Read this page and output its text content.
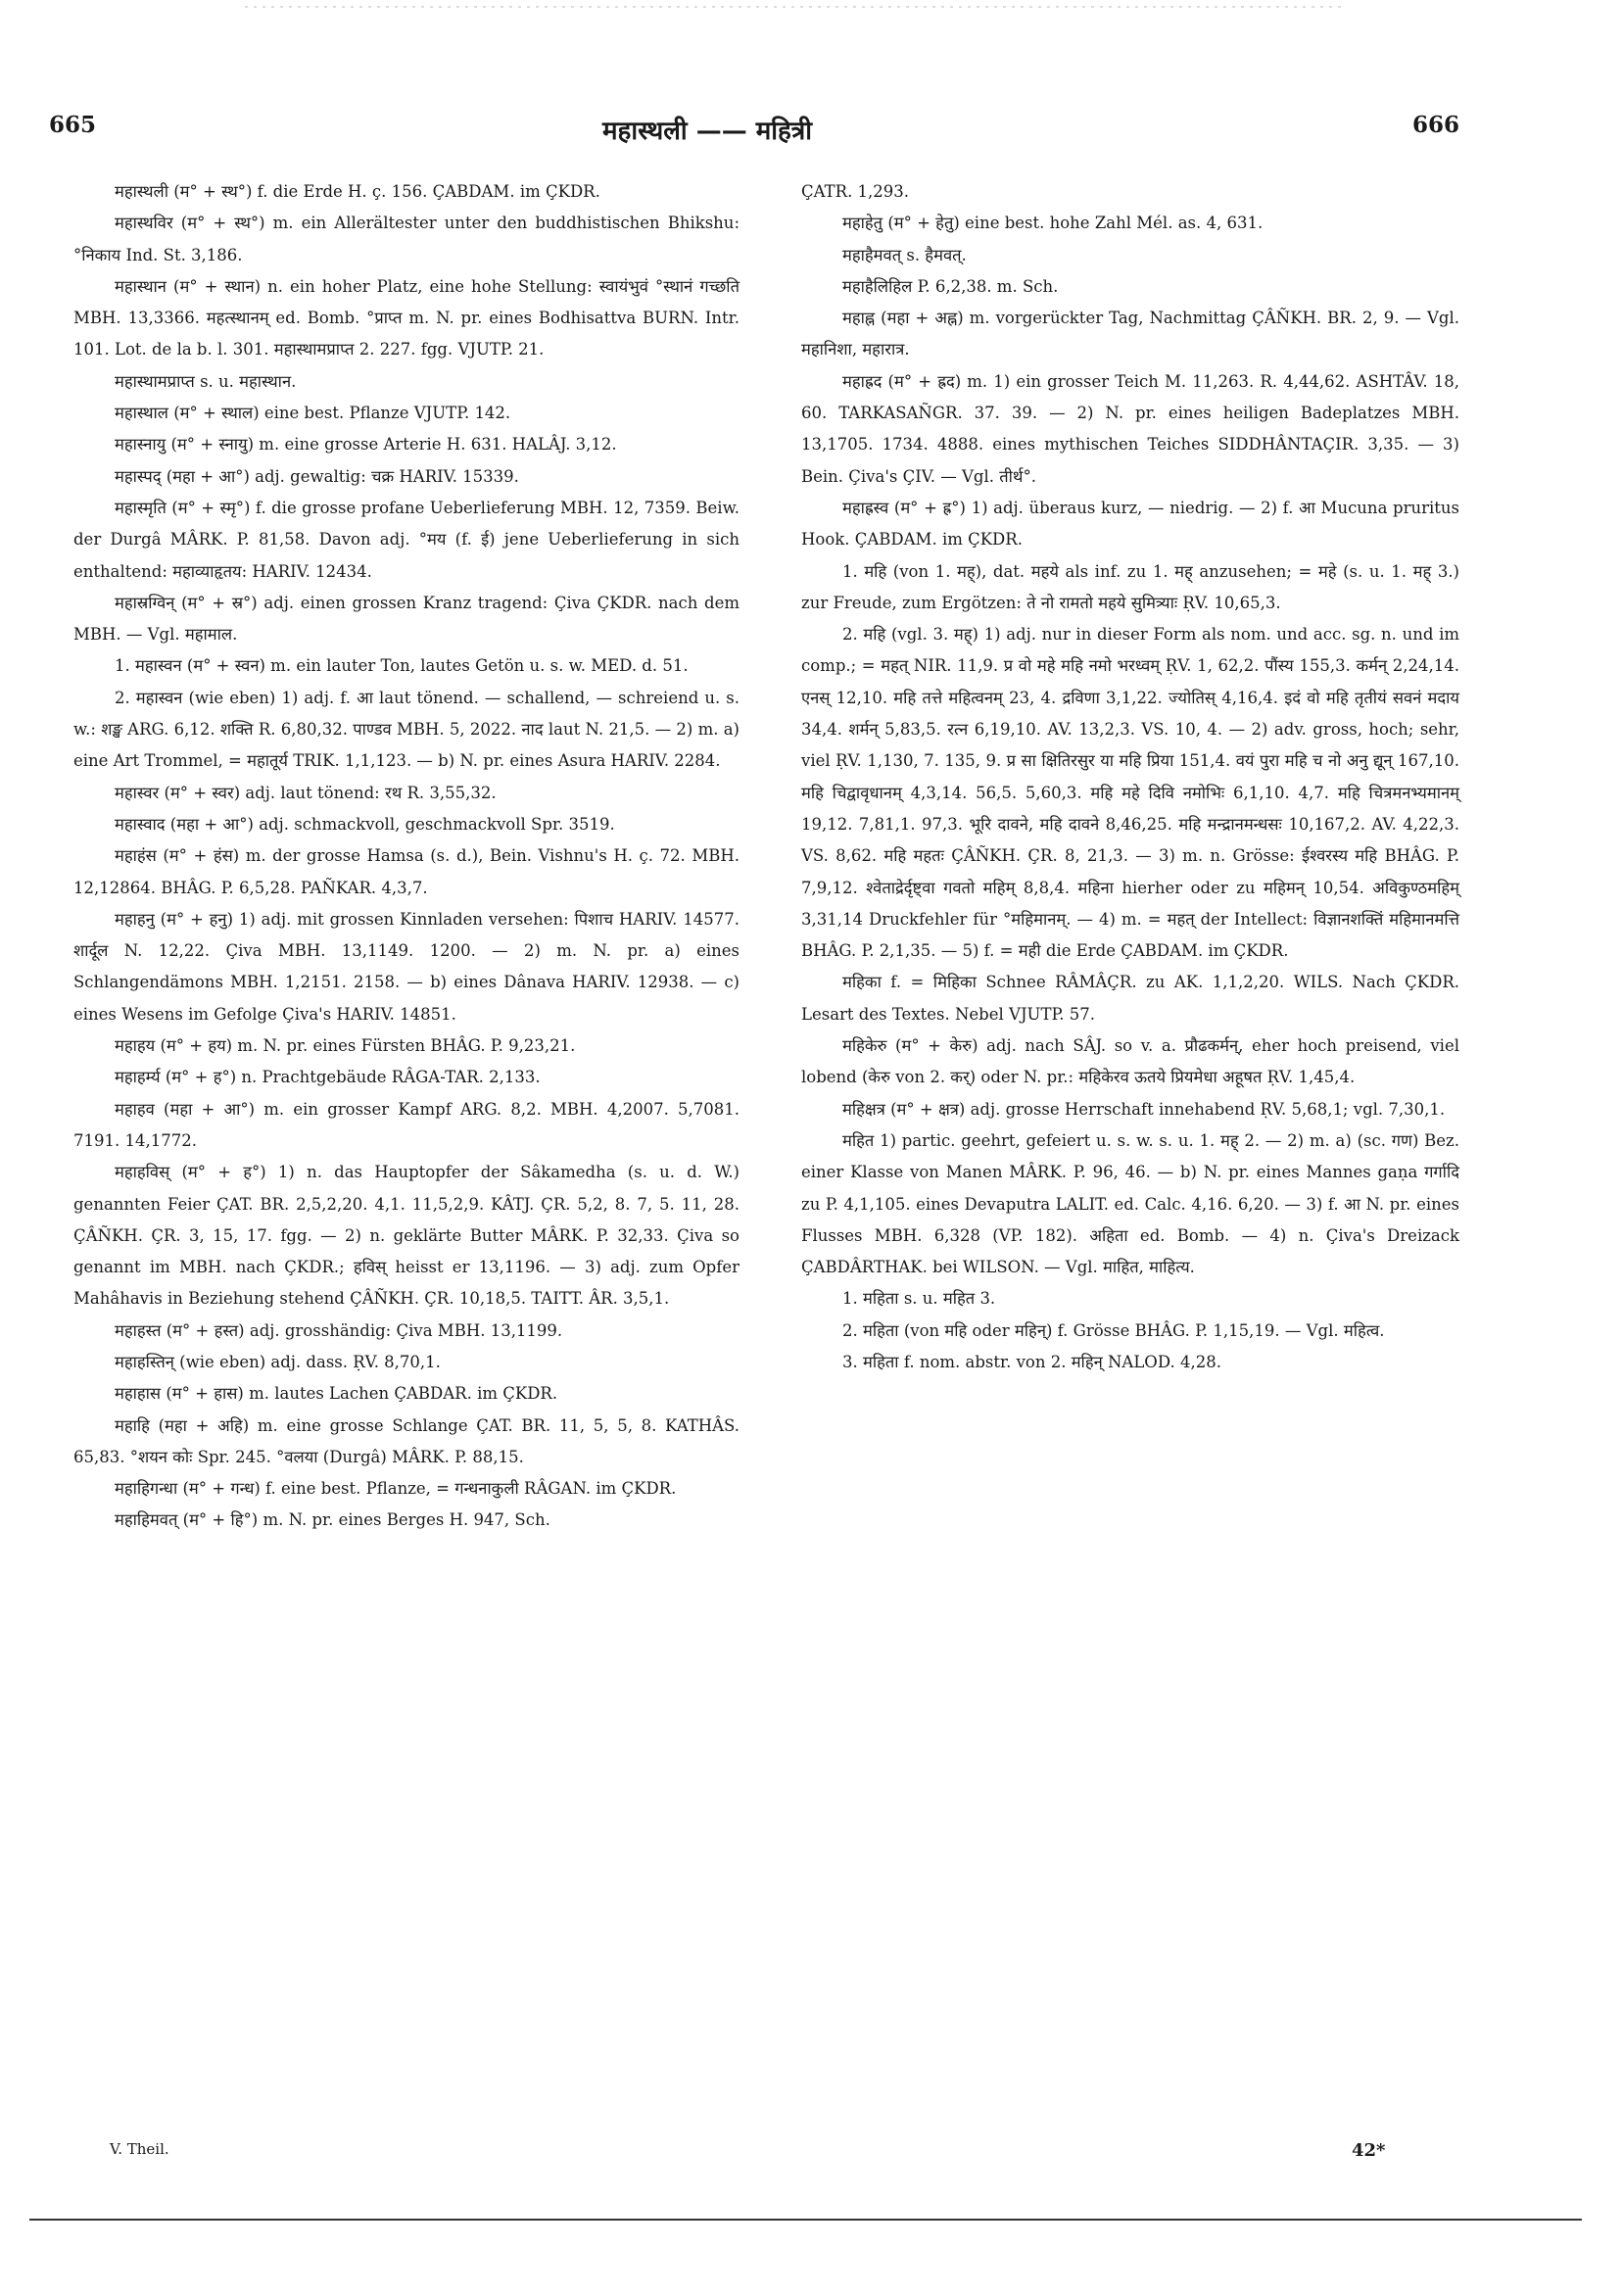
665	महास्थली —— महित्री	666

महास्थली (म° + स्थ°) f. die Erde H. ç. 156. ÇABDAM. im ÇKDR.

महास्थविर (म° + स्थ°) m. ein Allerältester unter den buddhistischen Bhikshu: °निकाय Ind. St. 3,186.

महास्थान (म° + स्थान) n. ein hoher Platz, eine hohe Stellung: स्वायंभुवं °स्थानं गच्छति MBH. 13,3366. महत्स्थानम् ed. Bomb. °प्राप्त m. N. pr. eines Bodhisattva BURN. Intr. 101. Lot. de la b. l. 301. महास्थामप्राप्त 2. 227. fgg. VJUTP. 21.

महास्थामप्राप्त s. u. महास्थान.

महास्थाल (म° + स्थाल) eine best. Pflanze VJUTP. 142.

महास्नायु (म° + स्नायु) m. eine grosse Arterie H. 631. HALÂJ. 3,12.

महास्पद् (महा + आ°) adj. gewaltig: चक्र HARIV. 15339.

महास्मृति (म° + स्मृ°) f. die grosse profane Ueberlieferung MBH. 12, 7359. Beiw. der Durgâ MÂRK. P. 81,58. Davon adj. °मय (f. ई) jene Ueberlieferung in sich enthaltend: महाव्याहृतय: HARIV. 12434.

महास्रग्विन् (म° + स्र°) adj. einen grossen Kranz tragend: Çiva ÇKDR. nach dem MBH. — Vgl. महामाल.

1. महास्वन (म° + स्वन) m. ein lauter Ton, lautes Getön u. s. w. MED. d. 51.

2. महास्वन (wie eben) 1) adj. f. आ laut tönend. — schallend, — schreiend u. s. w.: शङ्ख ARG. 6,12. शक्ति R. 6,80,32. पाण्डव MBH. 5, 2022. नाद laut N. 21,5. — 2) m. a) eine Art Trommel, = महातूर्य TRIK. 1,1,123. — b) N. pr. eines Asura HARIV. 2284.

महास्वर (म° + स्वर) adj. laut tönend: रथ R. 3,55,32.

महास्वाद (महा + आ°) adj. schmackvoll, geschmackvoll Spr. 3519.

महाहंस (म° + हंस) m. der grosse Hamsa (s. d.), Bein. Vishnu's H. ç. 72. MBH. 12,12864. BHÂG. P. 6,5,28. PAÑKAR. 4,3,7.

महाहनु (म° + हनु) 1) adj. mit grossen Kinnladen versehen: पिशाच HARIV. 14577. शार्दूल N. 12,22. Çiva MBH. 13,1149. 1200. — 2) m. N. pr. a) eines Schlangendämons MBH. 1,2151. 2158. — b) eines Dânava HARIV. 12938. — c) eines Wesens im Gefolge Çiva's HARIV. 14851.

महाहय (म° + हय) m. N. pr. eines Fürsten BHÂG. P. 9,23,21.

महाहर्म्य (म° + ह°) n. Prachtgebäude RÂGA-TAR. 2,133.

महाहव (महा + आ°) m. ein grosser Kampf ARG. 8,2. MBH. 4,2007. 5,7081. 7191. 14,1772.

महाहविस् (म° + ह°) 1) n. das Hauptopfer der Sâkamedha (s. u. d. W.) genannten Feier ÇAT. BR. 2,5,2,20. 4,1. 11,5,2,9. KÂTJ. ÇR. 5,2, 8. 7, 5. 11, 28. ÇÂÑKH. ÇR. 3, 15, 17. fgg. — 2) n. geklärte Butter MÂRK. P. 32,33. Çiva so genannt im MBH. nach ÇKDR.; हविस् heisst er 13,1196. — 3) adj. zum Opfer Mahâhavis in Beziehung stehend ÇÂÑKH. ÇR. 10,18,5. TAITT. ÂR. 3,5,1.

महाहस्त (म° + हस्त) adj. grosshändig: Çiva MBH. 13,1199.

महाहस्तिन् (wie eben) adj. dass. ṚV. 8,70,1.

महाहास (म° + हास) m. lautes Lachen ÇABDAR. im ÇKDR.

महाहि (महा + अहि) m. eine grosse Schlange ÇAT. BR. 11, 5, 5, 8. KATHÂS. 65,83. °शयन कोः Spr. 245. °वलया (Durgâ) MÂRK. P. 88,15.

महाहिगन्धा (म° + गन्ध) f. eine best. Pflanze, = गन्धनाकुली RÂGAN. im ÇKDR.

महाहिमवत् (म° + हि°) m. N. pr. eines Berges H. 947, Sch.

ÇATR. 1,293.

महाहेतु (म° + हेतु) eine best. hohe Zahl Mél. as. 4, 631.

महाहैमवत् s. हैमवत्.

महाहैलिहिल P. 6,2,38. m. Sch.

महाह्न (महा + अह्न) m. vorgerückter Tag, Nachmittag ÇÂÑKH. BR. 2, 9. — Vgl. महानिशा, महारात्र.

महाह्रद (म° + ह्रद) m. 1) ein grosser Teich M. 11,263. R. 4,44,62. ASHTÂV. 18, 60. TARKASAÑGR. 37. 39. — 2) N. pr. eines heiligen Badeplatzes MBH. 13,1705. 1734. 4888. eines mythischen Teiches SIDDHÂNTAÇIR. 3,35. — 3) Bein. Çiva's ÇIV. — Vgl. तीर्थ°.

महाह्रस्व (म° + ह्र°) 1) adj. überaus kurz, — niedrig. — 2) f. आ Mucuna pruritus Hook. ÇABDAM. im ÇKDR.

1. महि (von 1. मह्), dat. महये als inf. zu 1. मह् anzusehen; = महे (s. u. 1. मह् 3.) zur Freude, zum Ergötzen: ते नो रामतो महये सुमित्र्याः ṚV. 10,65,3.

2. महि (vgl. 3. मह्) 1) adj. nur in dieser Form als nom. und acc. sg. n. und im comp.; = महत् NIR. 11,9. प्र वो महे महि नमो भरध्वम् ṚV. 1, 62,2. पौंस्य 155,3. कर्मन् 2,24,14. एनस् 12,10. महि तत्ते महित्वनम् 23, 4. द्रविणा 3,1,22. ज्योतिस् 4,16,4. इदं वो महि तृतीयं सवनं मदाय 34,4. शर्मन् 5,83,5. रत्न 6,19,10. AV. 13,2,3. VS. 10, 4. — 2) adv. gross, hoch; sehr, viel ṚV. 1,130, 7. 135, 9. प्र सा क्षितिरसुर या महि प्रिया 151,4. वयं पुरा महि च नो अनु द्यून् 167,10. महि चिद्वावृधानम् 4,3,14. 56,5. 5,60,3. महि महे दिवि नमोभिः 6,1,10. 4,7. महि चित्रमनभ्यमानम् 19,12. 7,81,1. 97,3. भूरि दावने, महि दावने 8,46,25. महि मन्द्रानमन्धसः 10,167,2. AV. 4,22,3. VS. 8,62. महि महतः ÇÂÑKH. ÇR. 8, 21,3. — 3) m. n. Grösse: ईश्वरस्य महि BHÂG. P. 7,9,12. श्वेताद्रेर्दृष्ट्वा गवतो महिम् 8,8,4. महिना hierher oder zu महिमन् 10,54. अविकुण्ठमहिम् 3,31,14 Druckfehler für °महिमानम्. — 4) m. = महत् der Intellect: विज्ञानशक्तिं महिमानमत्ति BHÂG. P. 2,1,35. — 5) f. = मही die Erde ÇABDAM. im ÇKDR.

महिका f. = मिहिका Schnee RÂMÂÇR. zu AK. 1,1,2,20. WILS. Nach ÇKDR. Lesart des Textes. Nebel VJUTP. 57.

महिकेरु (म° + केरु) adj. nach SÂJ. so v. a. प्रौढकर्मन्, eher hoch preisend, viel lobend (केरु von 2. कर्) oder N. pr.: महिकेरव ऊतये प्रियमेधा अहूषत ṚV. 1,45,4.

महिक्षत्र (म° + क्षत्र) adj. grosse Herrschaft innehabend ṚV. 5,68,1; vgl. 7,30,1.

महित 1) partic. geehrt, gefeiert u. s. w. s. u. 1. मह् 2. — 2) m. a) (sc. गण) Bez. einer Klasse von Manen MÂRK. P. 96, 46. — b) N. pr. eines Mannes gaṇa गर्गादि zu P. 4,1,105. eines Devaputra LALIT. ed. Calc. 4,16. 6,20. — 3) f. आ N. pr. eines Flusses MBH. 6,328 (VP. 182). अहिता ed. Bomb. — 4) n. Çiva's Dreizack ÇABDÂRTHAK. bei WILSON. — Vgl. माहित, माहित्य.

1. महिता s. u. महित 3.

2. महिता (von महि oder महिन्) f. Grösse BHÂG. P. 1,15,19. — Vgl. महित्व.

3. महिता f. nom. abstr. von 2. महिन् NALOD. 4,28.

V. Theil.	42*
